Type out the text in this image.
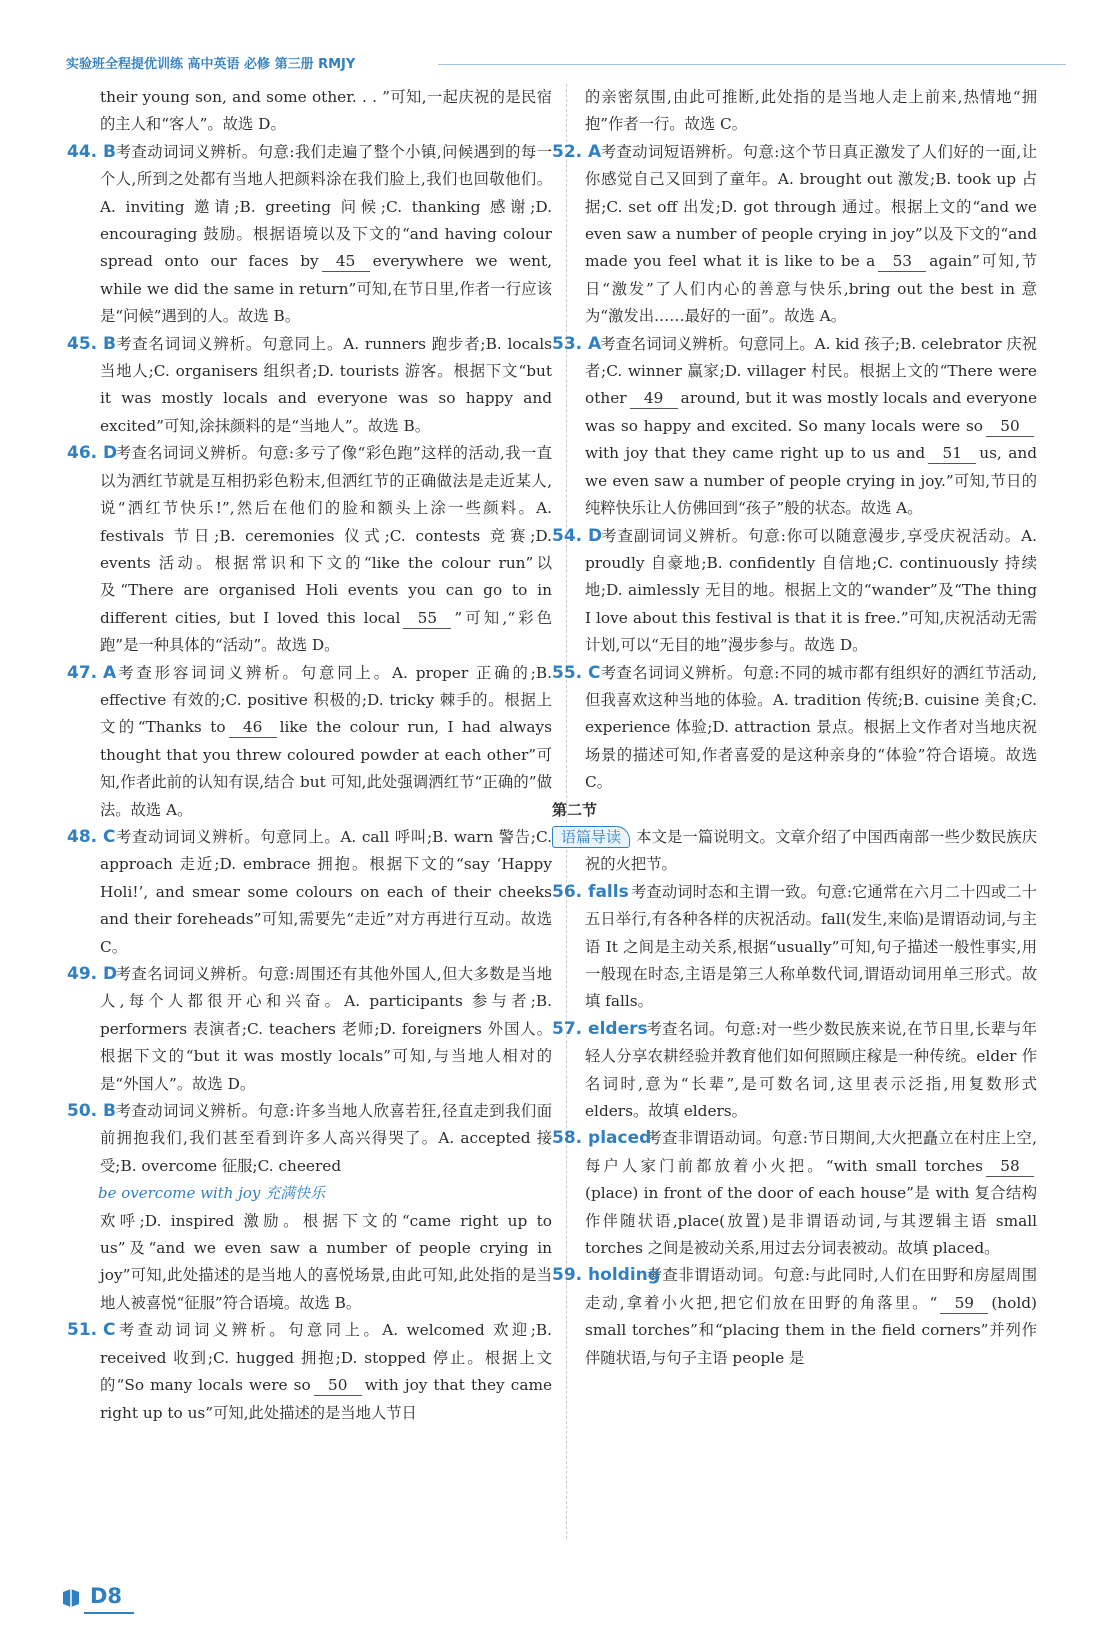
实验班全程提优训练 高中英语 必修 第三册 RMJY

their young son, and some other. . . ”可知,一起庆祝的是民宿的主人和“客人”。故选 D。

44. B

  考查动词词义辨析。句意:我们走遍了整个小镇,问候遇到的每一个人,所到之处都有当地人把颜料涂在我们脸上,我们也回敬他们。A. inviting 邀请;B. greeting 问候;C. thanking 感谢;D. encouraging 鼓励。根据语境以及下文的“and having colour spread onto our faces by 45 everywhere we went, while we did the same in return”可知,在节日里,作者一行应该是“问候”遇到的人。故选 B。

45. B

  考查名词词义辨析。句意同上。A. runners 跑步者;B. locals 当地人;C. organisers 组织者;D. tourists 游客。根据下文“but it was mostly locals and everyone was so happy and excited”可知,涂抹颜料的是“当地人”。故选 B。

46. D

 考查名词词义辨析。句意:多亏了像“彩色跑”这样的活动,我一直以为洒红节就是互相扔彩色粉末,但洒红节的正确做法是走近某人,说“洒红节快乐!”,然后在他们的脸和额头上涂一些颜料。A. festivals 节日;B. ceremonies 仪式;C. contests 竞赛;D. events 活动。根据常识和下文的“like the colour run”以及“There are organised Holi events you can go to in different cities, but I loved this local 55 ”可知,“彩色跑”是一种具体的“活动”。故选 D。

47. A

  考查形容词词义辨析。句意同上。A. proper 正确的;B. effective 有效的;C. positive 积极的;D. tricky 棘手的。根据上文的“Thanks to 46 like the colour run, I had always thought that you threw coloured powder at each other”可知,作者此前的认知有误,结合 but 可知,此处强调洒红节“正确的”做法。故选 A。

48. C

  考查动词词义辨析。句意同上。A. call 呼叫;B. warn 警告;C. approach 走近;D. embrace 拥抱。根据下文的“say ‘Happy Holi!’, and smear some colours on each of their cheeks and their foreheads”可知,需要先“走近”对方再进行互动。故选 C。

49. D

 考查名词词义辨析。句意:周围还有其他外国人,但大多数是当地人,每个人都很开心和兴奋。A. participants 参与者;B. performers 表演者;C. teachers 老师;D. foreigners 外国人。根据下文的“but it was mostly locals”可知,与当地人相对的是“外国人”。故选 D。

50. B

  考查动词词义辨析。句意:许多当地人欣喜若狂,径直走到我们面前拥抱我们,我们甚至看到许多人高兴得哭了。A. accepted 接受;B. overcome 征服;C. cheered

be overcome with joy 充满快乐

欢呼;D. inspired 激励。根据下文的“came right up to us”及“and we even saw a number of people crying in joy”可知,此处描述的是当地人的喜悦场景,由此可知,此处指的是当地人被喜悦“征服”符合语境。故选 B。

51. C

  考查动词词义辨析。句意同上。A. welcomed 欢迎;B. received 收到;C. hugged 拥抱;D. stopped 停止。根据上文的“So many locals were so 50 with joy that they came right up to us”可知,此处描述的是当地人节日

的亲密氛围,由此可推断,此处指的是当地人走上前来,热情地“拥抱”作者一行。故选 C。

52. A

  考查动词短语辨析。句意:这个节日真正激发了人们好的一面,让你感觉自己又回到了童年。A. brought out 激发;B. took up 占据;C. set off 出发;D. got through 通过。根据上文的“and we even saw a number of people crying in joy”以及下文的“and made you feel what it is like to be a 53 again”可知,节日“激发”了人们内心的善意与快乐,bring out the best in 意为“激发出……最好的一面”。故选 A。

53. A

  考查名词词义辨析。句意同上。A. kid 孩子;B. celebrator 庆祝者;C. winner 赢家;D. villager 村民。根据上文的“There were other 49 around, but it was mostly locals and everyone was so happy and excited. So many locals were so 50with joy that they came right up to us and 51 us, and we even saw a number of people crying in joy.”可知,节日的纯粹快乐让人仿佛回到“孩子”般的状态。故选 A。

54. D

 考查副词词义辨析。句意:你可以随意漫步,享受庆祝活动。A. proudly 自豪地;B. confidently 自信地;C. continuously 持续地;D. aimlessly 无目的地。根据上文的“wander”及“The thing I love about this festival is that it is free.”可知,庆祝活动无需计划,可以“无目的地”漫步参与。故选 D。

55. C

  考查名词词义辨析。句意:不同的城市都有组织好的洒红节活动,但我喜欢这种当地的体验。A. tradition 传统;B. cuisine 美食;C. experience 体验;D. attraction 景点。根据上文作者对当地庆祝场景的描述可知,作者喜爱的是这种亲身的“体验”符合语境。故选 C。

第二节

语篇导读 本文是一篇说明文。文章介绍了中国西南部一些少数民族庆祝的火把节。

56. falls

    考查动词时态和主谓一致。句意:它通常在六月二十四或二十五日举行,有各种各样的庆祝活动。fall(发生,来临)是谓语动词,与主语 It 之间是主动关系,根据“usually”可知,句子描述一般性事实,用一般现在时态,主语是第三人称单数代词,谓语动词用单三形式。故填 falls。

57. elders

    考查名词。句意:对一些少数民族来说,在节日里,长辈与年轻人分享农耕经验并教育他们如何照顾庄稼是一种传统。elder 作名词时,意为“长辈”,是可数名词,这里表示泛指,用复数形式 elders。故填 elders。

58. placed

    考查非谓语动词。句意:节日期间,大火把矗立在村庄上空,每户人家门前都放着小火把。“with small torches 58(place) in front of the door of each house”是 with 复合结构作伴随状语,place(放置)是非谓语动词,与其逻辑主语 small torches 之间是被动关系,用过去分词表被动。故填 placed。

59. holding

    考查非谓语动词。句意:与此同时,人们在田野和房屋周围走动,拿着小火把,把它们放在田野的角落里。“ 59 (hold) small torches”和“placing them in the field corners”并列作伴随状语,与句子主语 people 是

D8
